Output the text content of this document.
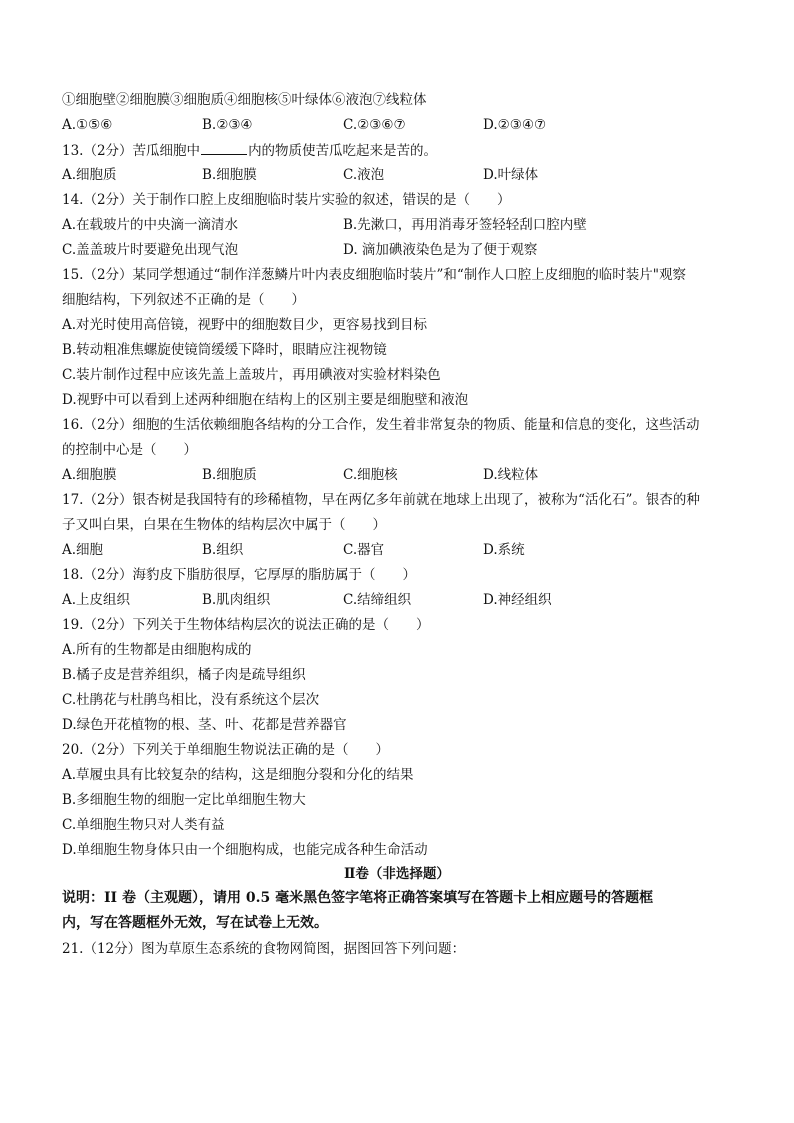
①细胞壁②细胞膜③细胞质④细胞核⑤叶绿体⑥液泡⑦线粒体
A.①⑤⑥	B.②③④	C.②③⑥⑦	D.②③④⑦
13.（2分）苦瓜细胞中	内的物质使苦瓜吃起来是苦的。
A.细胞质	B.细胞膜	C.液泡	D.叶绿体
14.（2分）关于制作口腔上皮细胞临时装片实验的叙述，错误的是（　　）
A.在载玻片的中央滴一滴清水	B.先漱口，再用消毒牙签轻轻刮口腔内壁
C.盖盖玻片时要避免出现气泡	D. 滴加碘液染色是为了便于观察
15.（2分）某同学想通过“制作洋葱鳞片叶内表皮细胞临时装片”和“制作人口腔上皮细胞的临时装片"观察
细胞结构，下列叙述不正确的是（　　）
A.对光时使用高倍镜，视野中的细胞数目少，更容易找到目标
B.转动粗准焦螺旋使镜筒缓缓下降时，眼睛应注视物镜
C.装片制作过程中应该先盖上盖玻片，再用碘液对实验材料染色
D.视野中可以看到上述两种细胞在结构上的区别主要是细胞壁和液泡
16.（2分）细胞的生活依赖细胞各结构的分工合作，发生着非常复杂的物质、能量和信息的变化，这些活动
的控制中心是（　　）
A.细胞膜	B.细胞质	C.细胞核	D.线粒体
17.（2分）银杏树是我国特有的珍稀植物，早在两亿多年前就在地球上出现了，被称为“活化石”。银杏的种
子又叫白果，白果在生物体的结构层次中属于（　　）
A.细胞	B.组织	C.器官	D.系统
18.（2分）海豹皮下脂肪很厚，它厚厚的脂肪属于（　　）
A.上皮组织	B.肌肉组织	C.结缔组织	D.神经组织
19.（2分）下列关于生物体结构层次的说法正确的是（　　）
A.所有的生物都是由细胞构成的
B.橘子皮是营养组织，橘子肉是疏导组织
C.杜鹃花与杜鹃鸟相比，没有系统这个层次
D.绿色开花植物的根、茎、叶、花都是营养器官
20.（2分）下列关于单细胞生物说法正确的是（　　）
A.草履虫具有比较复杂的结构，这是细胞分裂和分化的结果
B.多细胞生物的细胞一定比单细胞生物大
C.单细胞生物只对人类有益
D.单细胞生物身体只由一个细胞构成，也能完成各种生命活动
Ⅱ卷（非选择题）
说明：II 卷（主观题），请用 0.5 毫米黑色签字笔将正确答案填写在答题卡上相应题号的答题框
内，写在答题框外无效，写在试卷上无效。
21.（12分）图为草原生态系统的食物网简图，据图回答下列问题：
